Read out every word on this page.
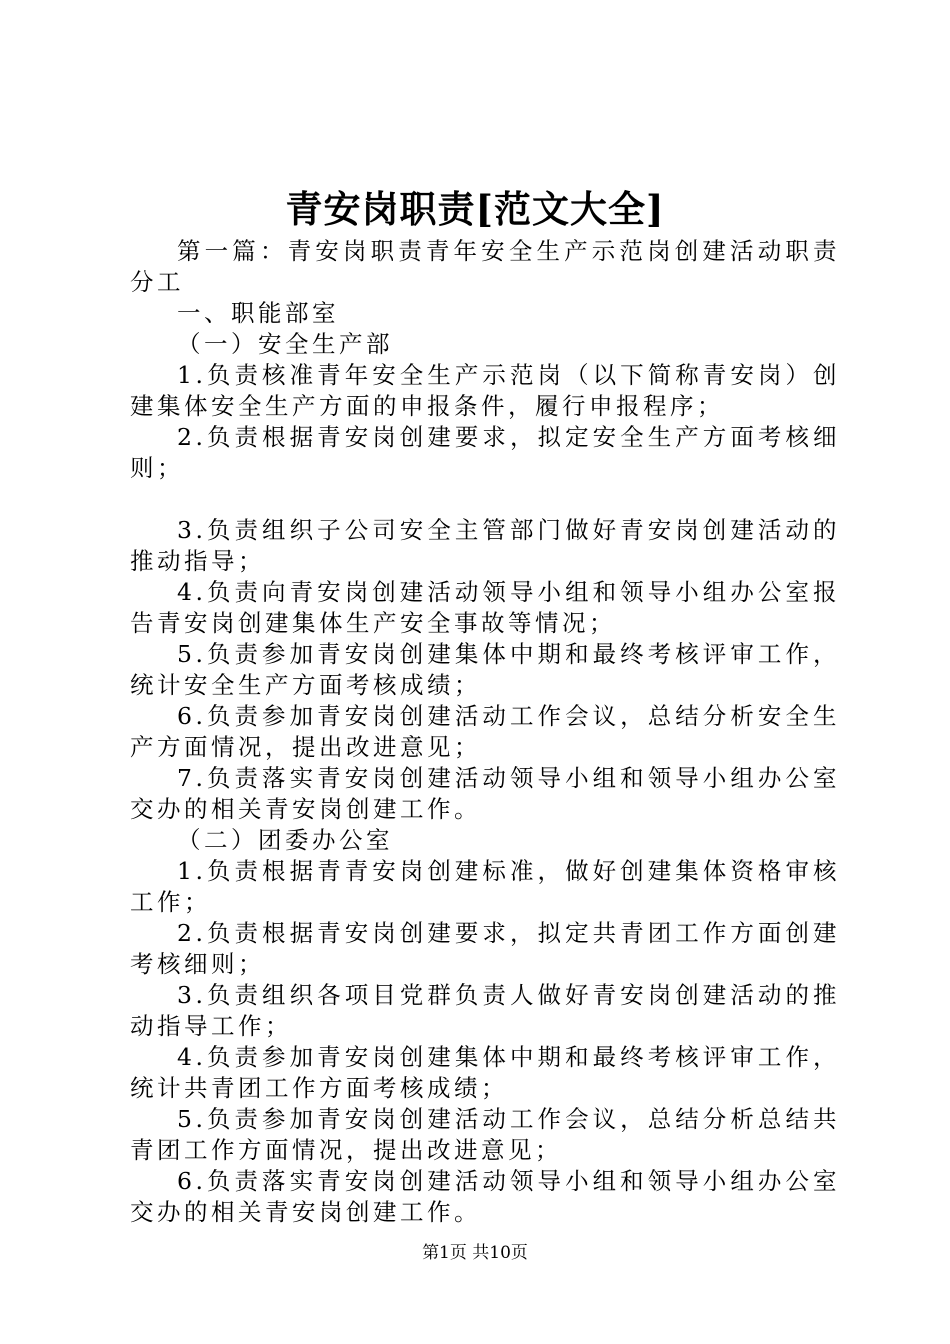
青安岗职责[范文大全]

第一篇：青安岗职责青年安全生产示范岗创建活动职责分工

一、职能部室

（一）安全生产部

1.负责核准青年安全生产示范岗（以下简称青安岗）创建集体安全生产方面的申报条件，履行申报程序；

2.负责根据青安岗创建要求，拟定安全生产方面考核细则；

3.负责组织子公司安全主管部门做好青安岗创建活动的推动指导；

4.负责向青安岗创建活动领导小组和领导小组办公室报告青安岗创建集体生产安全事故等情况；

5.负责参加青安岗创建集体中期和最终考核评审工作，统计安全生产方面考核成绩；

6.负责参加青安岗创建活动工作会议，总结分析安全生产方面情况，提出改进意见；

7.负责落实青安岗创建活动领导小组和领导小组办公室交办的相关青安岗创建工作。

（二）团委办公室

1.负责根据青青安岗创建标准，做好创建集体资格审核工作；

2.负责根据青安岗创建要求，拟定共青团工作方面创建考核细则；

3.负责组织各项目党群负责人做好青安岗创建活动的推动指导工作；

4.负责参加青安岗创建集体中期和最终考核评审工作，统计共青团工作方面考核成绩；

5.负责参加青安岗创建活动工作会议，总结分析总结共青团工作方面情况，提出改进意见；

6.负责落实青安岗创建活动领导小组和领导小组办公室交办的相关青安岗创建工作。

第1页 共10页
